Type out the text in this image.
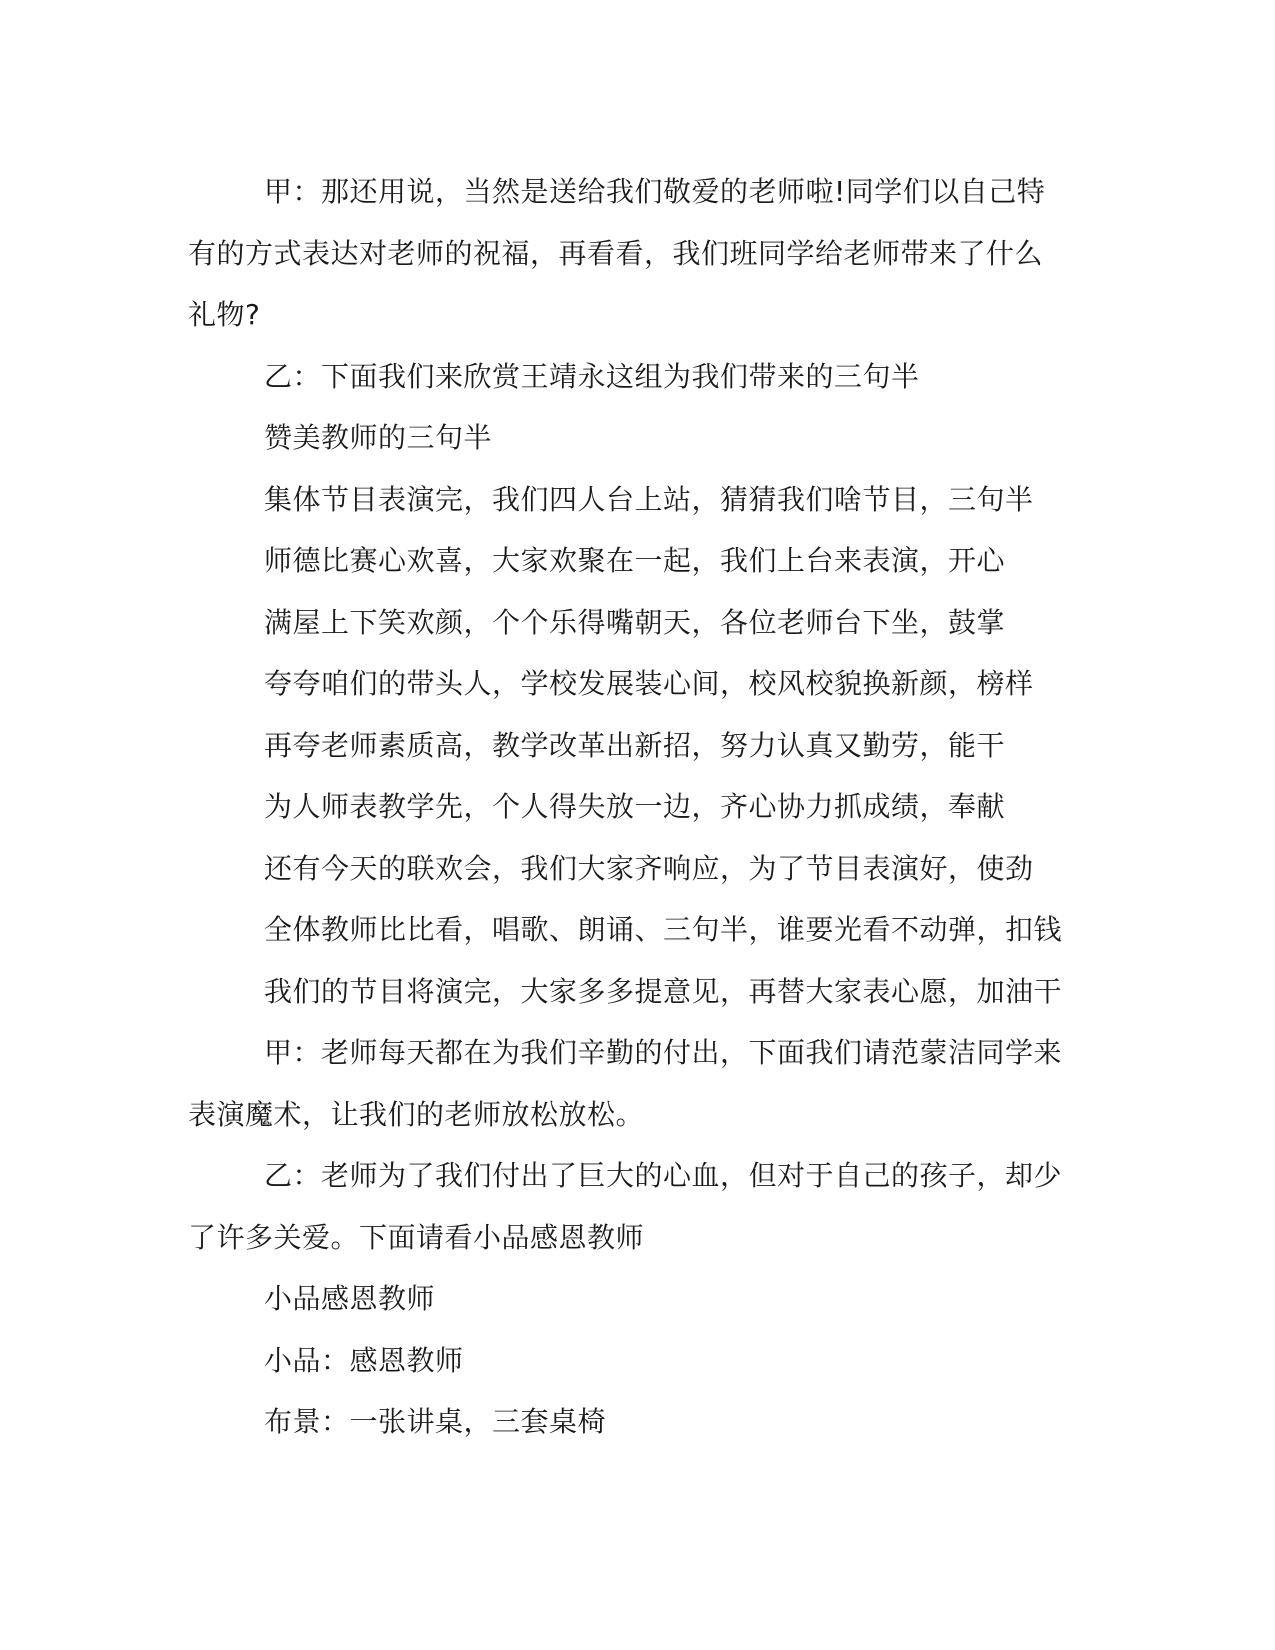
甲：那还用说，当然是送给我们敬爱的老师啦!同学们以自己特有的方式表达对老师的祝福，再看看，我们班同学给老师带来了什么礼物?

乙：下面我们来欣赏王靖永这组为我们带来的三句半

赞美教师的三句半

集体节目表演完，我们四人台上站，猜猜我们啥节目，三句半

师德比赛心欢喜，大家欢聚在一起，我们上台来表演，开心

满屋上下笑欢颜，个个乐得嘴朝天，各位老师台下坐，鼓掌

夸夸咱们的带头人，学校发展装心间，校风校貌换新颜，榜样

再夸老师素质高，教学改革出新招，努力认真又勤劳，能干

为人师表教学先，个人得失放一边，齐心协力抓成绩，奉献

还有今天的联欢会，我们大家齐响应，为了节目表演好，使劲

全体教师比比看，唱歌、朗诵、三句半，谁要光看不动弹，扣钱

我们的节目将演完，大家多多提意见，再替大家表心愿，加油干

甲：老师每天都在为我们辛勤的付出，下面我们请范蒙洁同学来表演魔术，让我们的老师放松放松。

乙：老师为了我们付出了巨大的心血，但对于自己的孩子，却少了许多关爱。下面请看小品感恩教师

小品感恩教师

小品：感恩教师

布景：一张讲桌，三套桌椅
